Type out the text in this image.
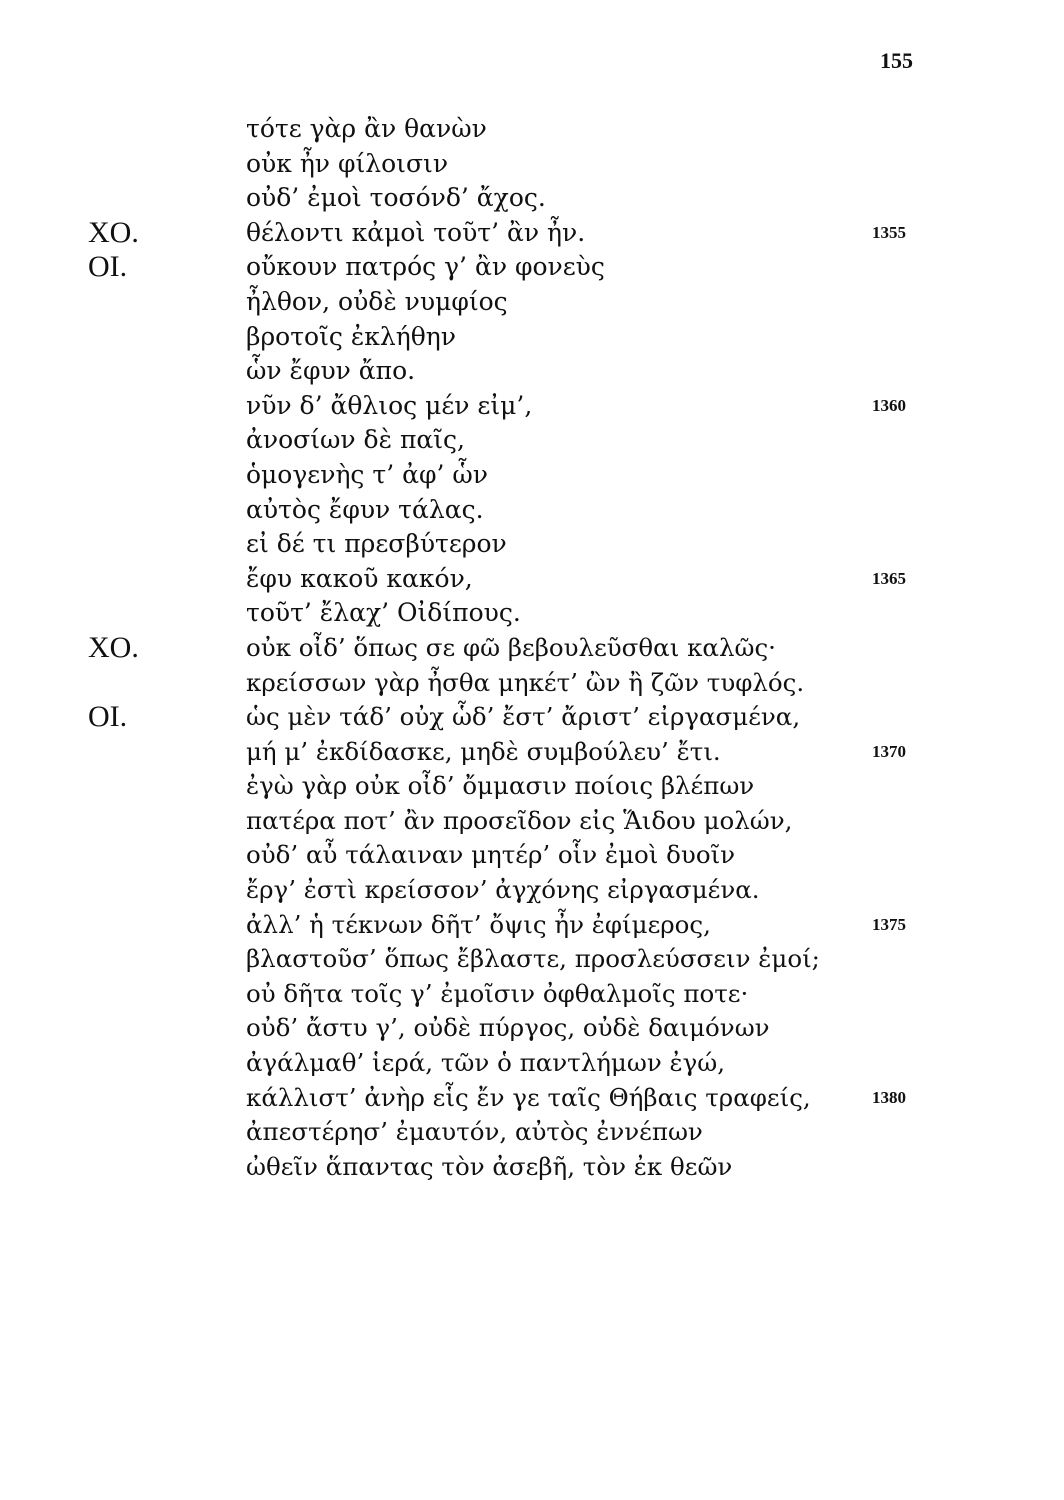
155
τότε γὰρ ἂν θανὼν
οὐκ ἦν φίλοισιν
οὐδ’ ἐμοὶ τοσόνδ’ ἄχος.
ΧΟ.	θέλοντι κἀμοὶ τοῦτ’ ἂν ἦν.	1355
ΟΙ.	οὔκουν πατρός γ’ ἂν φονεὺς
ἦλθον, οὐδὲ νυμφίος
βροτοῖς ἐκλήθην
ὧν ἔφυν ἄπο.
νῦν δ’ ἄθλιος μέν εἰμ’,	1360
ἀνοσίων δὲ παῖς,
ὁμογενὴς τ’ ἀφ’ ὧν
αὐτὸς ἔφυν τάλας.
εἰ δέ τι πρεσβύτερον
ἔφυ κακοῦ κακόν,	1365
τοῦτ’ ἔλαχ’ Οἰδίπους.
ΧΟ.	οὐκ οἶδ’ ὅπως σε φῶ βεβουλεῦσθαι καλῶς·
κρείσσων γὰρ ἦσθα μηκέτ’ ὢν ἢ ζῶν τυφλός.
ΟΙ.	ὡς μὲν τάδ’ οὐχ ὧδ’ ἔστ’ ἄριστ’ εἰργασμένα,
μή μ’ ἐκδίδασκε, μηδὲ συμβούλευ’ ἔτι.	1370
ἐγὼ γὰρ οὐκ οἶδ’ ὄμμασιν ποίοις βλέπων
πατέρα ποτ’ ἂν προσεῖδον εἰς Ἅιδου μολών,
οὐδ’ αὖ τάλαιναν μητέρ’ οἷν ἐμοὶ δυοῖν
ἔργ’ ἐστὶ κρείσσον’ ἀγχόνης εἰργασμένα.
ἀλλ’ ἡ τέκνων δῆτ’ ὄψις ἦν ἐφίμερος,	1375
βλαστοῦσ’ ὅπως ἔβλαστε, προσλεύσσειν ἐμοί;
οὐ δῆτα τοῖς γ’ ἐμοῖσιν ὀφθαλμοῖς ποτε·
οὐδ’ ἄστυ γ’, οὐδὲ πύργος, οὐδὲ δαιμόνων
ἀγάλμαθ’ ἱερά, τῶν ὁ παντλήμων ἐγώ,
κάλλιστ’ ἀνὴρ εἷς ἔν γε ταῖς Θήβαις τραφείς,	1380
ἀπεστέρησ’ ἐμαυτόν, αὐτὸς ἐννέπων
ὠθεῖν ἅπαντας τὸν ἀσεβῆ, τὸν ἐκ θεῶν
